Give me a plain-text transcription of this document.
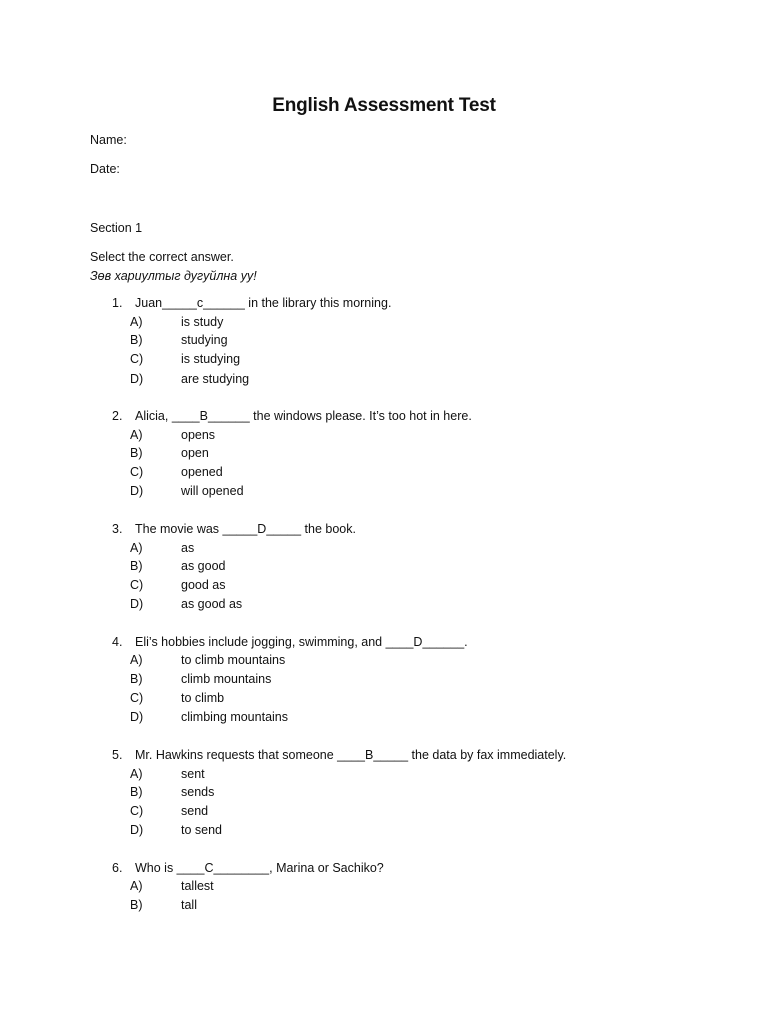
English Assessment Test
Name:
Date:
Section 1
Select the correct answer.
Зөв хариултыг дугуйлна уу!
1. Juan_____c______ in the library this morning.
A)	is study
B)	studying
C)	is studying
D)	are studying
2. Alicia, ____B______ the windows please. It’s too hot in here.
A)	opens
B)	open
C)	opened
D)	will opened
3. The movie was _____D_____ the book.
A)	as
B)	as good
C)	good as
D)	as good as
4. Eli’s hobbies include jogging, swimming, and ____D______.
A)	to climb mountains
B)	climb mountains
C)	to climb
D)	climbing mountains
5. Mr. Hawkins requests that someone ____B_____ the data by fax immediately.
A)	sent
B)	sends
C)	send
D)	to send
6. Who is ____C________, Marina or Sachiko?
A)	tallest
B)	tall
